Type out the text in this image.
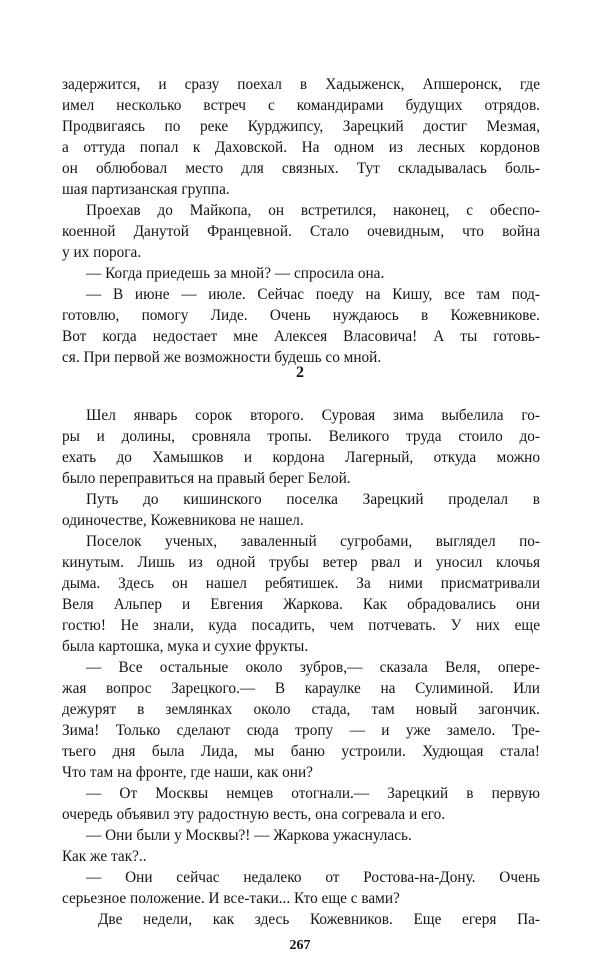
задержится, и сразу поехал в Хадыженск, Апшеронск, где
имел несколько встреч с командирами будущих отрядов.
Продвигаясь по реке Курджипсу, Зарецкий достиг Мезмая,
а оттуда попал к Даховской. На одном из лесных кордонов
он облюбовал место для связных. Тут складывалась боль-
шая партизанская группа.
Проехав до Майкопа, он встретился, наконец, с обеспо-
коенной Данутой Францевной. Стало очевидным, что война
у их порога.
— Когда приедешь за мной? — спросила она.
— В июне — июле. Сейчас поеду на Кишу, все там под-
готовлю, помогу Лиде. Очень нуждаюсь в Кожевникове.
Вот когда недостает мне Алексея Власовича! А ты готовь-
ся. При первой же возможности будешь со мной.
2
Шел январь сорок второго. Суровая зима выбелила го-
ры и долины, сровняла тропы. Великого труда стоило до-
ехать до Хамышков и кордона Лагерный, откуда можно
было переправиться на правый берег Белой.
Путь до кишинского поселка Зарецкий проделал в
одиночестве, Кожевникова не нашел.
Поселок ученых, заваленный сугробами, выглядел по-
кинутым. Лишь из одной трубы ветер рвал и уносил клочья
дыма. Здесь он нашел ребятишек. За ними присматривали
Веля Альпер и Евгения Жаркова. Как обрадовались они
гостю! Не знали, куда посадить, чем потчевать. У них еще
была картошка, мука и сухие фрукты.
— Все остальные около зубров,— сказала Веля, опере-
жая вопрос Зарецкого.— В караулке на Сулиминой. Или
дежурят в землянках около стада, там новый загончик.
Зима! Только сделают сюда тропу — и уже замело. Тре-
тьего дня была Лида, мы баню устроили. Худющая стала!
Что там на фронте, где наши, как они?
— От Москвы немцев отогнали.— Зарецкий в первую
очередь объявил эту радостную весть, она согревала и его.
— Они были у Москвы?! — Жаркова ужаснулась.
Как же так?..
— Они сейчас недалеко от Ростова-на-Дону. Очень
серьезное положение. И все-таки... Кто еще с вами?
Две недели, как здесь Кожевников. Еще егеря Па-
267
